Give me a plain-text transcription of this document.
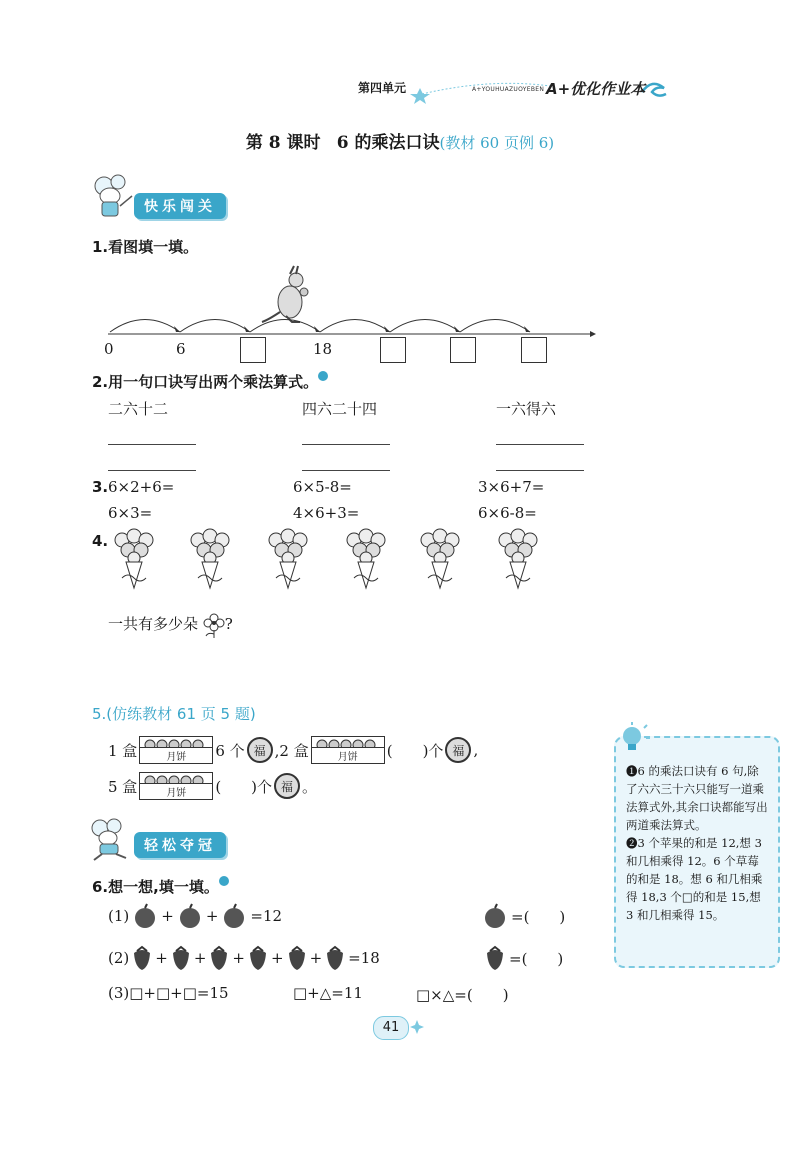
第四单元	A+YOUHUAZUOYEBEN A+优化作业本
第 8 课时 6 的乘法口诀(教材 60 页例 6)
快乐闯关
1.看图填一填。
0	6	18
2.用一句口诀写出两个乘法算式。
二六十二	四六二十四	一六得六
3. 6×2+6=	6×5-8=	3×6+7=
6×3=	4×6+3=	6×6-8=
4.
一共有多少朵 ?
5.(仿练教材 61 页 5 题)
1 盒	月饼	6 个 福 ,2 盒	月饼	(　　)个 福 ,
5 盒	月饼	(　　)个 福 。
轻松夺冠
6.想一想,填一填。
(1) + + =12	=(　　)
(2) + + + + + =18	=(　　)
(3)□+□+□=15	□+△=11	□×△=(　　)
❶6 的乘法口诀有 6 句,除了六六三十六只能写一道乘法算式外,其余口诀都能写出两道乘法算式。
❷3 个苹果的和是 12,想 3 和几相乘得 12。6 个草莓的和是 18。想 6 和几相乘得 18,3 个□的和是 15,想 3 和几相乘得 15。
41
